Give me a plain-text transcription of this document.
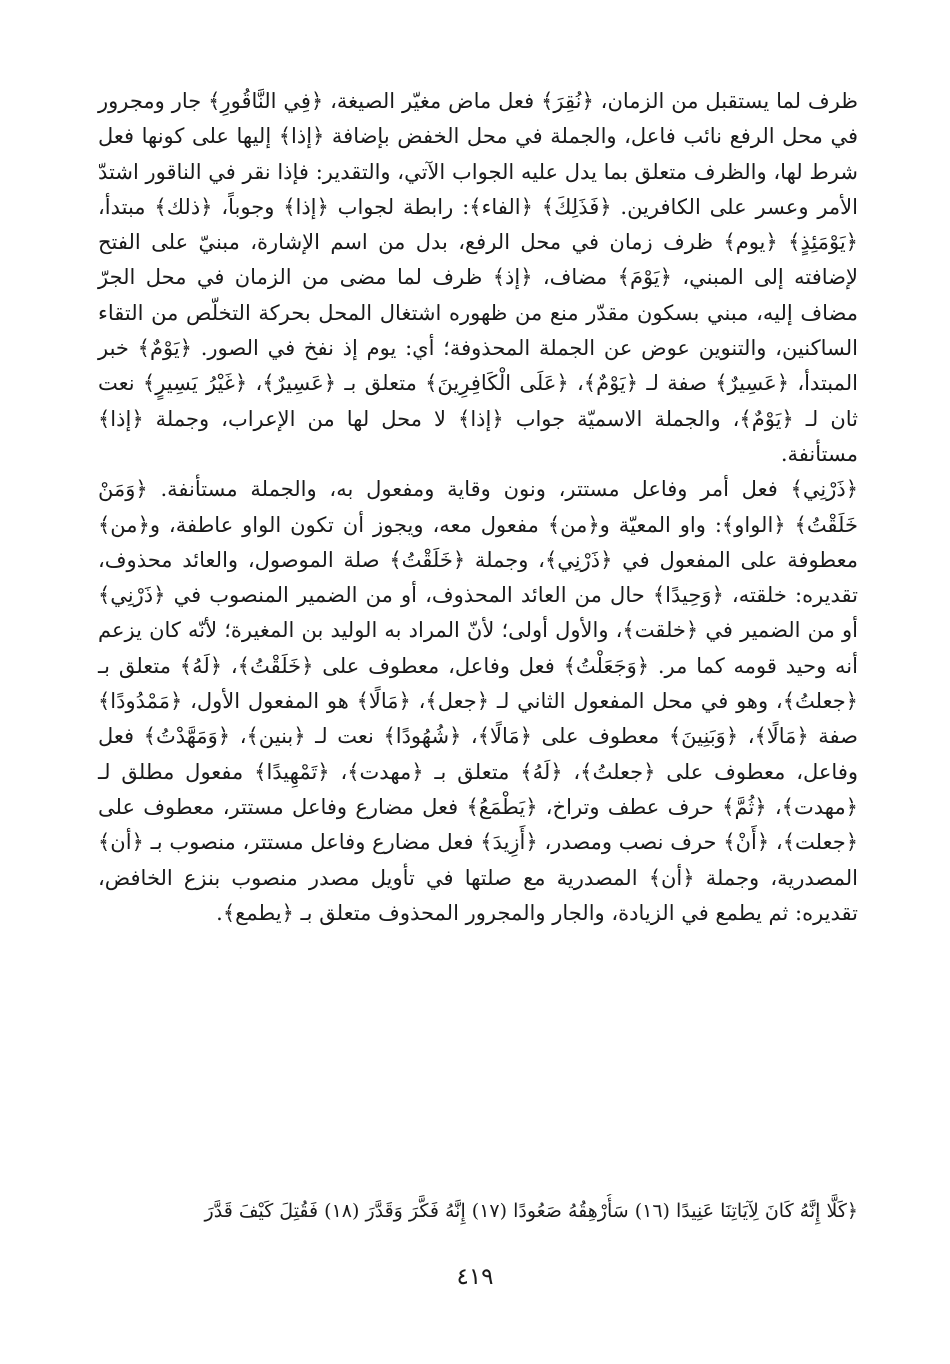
ظرف لما يستقبل من الزمان، ﴿نُقِرَ﴾ فعل ماض مغيّر الصيغة، ﴿فِي النَّاقُورِ﴾ جار ومجرور في محل الرفع نائب فاعل، والجملة في محل الخفض بإضافة ﴿إذا﴾ إليها على كونها فعل شرط لها، والظرف متعلق بما يدل عليه الجواب الآتي، والتقدير: فإذا نقر في الناقور اشتدّ الأمر وعسر على الكافرين. ﴿فَذَلِكَ﴾ ﴿الفاء﴾: رابطة لجواب ﴿إذا﴾ وجوباً، ﴿ذلك﴾ مبتدأ، ﴿يَوْمَئِذٍ﴾ ﴿يوم﴾ ظرف زمان في محل الرفع، بدل من اسم الإشارة، مبنيّ على الفتح لإضافته إلى المبني، ﴿يَوْمَ﴾ مضاف، ﴿إذ﴾ ظرف لما مضى من الزمان في محل الجرّ مضاف إليه، مبني بسكون مقدّر منع من ظهوره اشتغال المحل بحركة التخلّص من التقاء الساكنين، والتنوين عوض عن الجملة المحذوفة؛ أي: يوم إذ نفخ في الصور. ﴿يَوْمٌ﴾ خبر المبتدأ، ﴿عَسِيرٌ﴾ صفة لـ ﴿يَوْمٌ﴾، ﴿عَلَى الْكَافِرِينَ﴾ متعلق بـ ﴿عَسِيرٌ﴾، ﴿غَيْرُ يَسِيرٍ﴾ نعت ثان لـ ﴿يَوْمٌ﴾، والجملة الاسميّة جواب ﴿إذا﴾ لا محل لها من الإعراب، وجملة ﴿إذا﴾ مستأنفة.

﴿ذَرْنِي﴾ فعل أمر وفاعل مستتر، ونون وقاية ومفعول به، والجملة مستأنفة. ﴿وَمَنْ خَلَقْتُ﴾ ﴿الواو﴾: واو المعيّة و﴿من﴾ مفعول معه، ويجوز أن تكون الواو عاطفة، و﴿من﴾ معطوفة على المفعول في ﴿ذَرْنِي﴾، وجملة ﴿خَلَقْتُ﴾ صلة الموصول، والعائد محذوف، تقديره: خلقته، ﴿وَحِيدًا﴾ حال من العائد المحذوف، أو من الضمير المنصوب في ﴿ذَرْنِي﴾ أو من الضمير في ﴿خلقت﴾، والأول أولى؛ لأنّ المراد به الوليد بن المغيرة؛ لأنّه كان يزعم أنه وحيد قومه كما مر. ﴿وَجَعَلْتُ﴾ فعل وفاعل، معطوف على ﴿خَلَقْتُ﴾، ﴿لَهُ﴾ متعلق بـ ﴿جعلتُ﴾، وهو في محل المفعول الثاني لـ ﴿جعل﴾، ﴿مَالًا﴾ هو المفعول الأول، ﴿مَمْدُودًا﴾ صفة ﴿مَالًا﴾، ﴿وَبَنِينَ﴾ معطوف على ﴿مَالًا﴾، ﴿شُهُودًا﴾ نعت لـ ﴿بنين﴾، ﴿وَمَهَّدْتُ﴾ فعل وفاعل، معطوف على ﴿جعلتُ﴾، ﴿لَهُ﴾ متعلق بـ ﴿مهدت﴾، ﴿تَمْهِيدًا﴾ مفعول مطلق لـ ﴿مهدت﴾، ﴿ثُمَّ﴾ حرف عطف وتراخ، ﴿يَطْمَعُ﴾ فعل مضارع وفاعل مستتر، معطوف على ﴿جعلت﴾، ﴿أَنْ﴾ حرف نصب ومصدر، ﴿أَزِيدَ﴾ فعل مضارع وفاعل مستتر، منصوب بـ ﴿أن﴾ المصدرية، وجملة ﴿أن﴾ المصدرية مع صلتها في تأويل مصدر منصوب بنزع الخافض، تقديره: ثم يطمع في الزيادة، والجار والمجرور المحذوف متعلق بـ ﴿يطمع﴾.

﴿كَلَّا إِنَّهُ كَانَ لِآيَاتِنَا عَنِيدًا (١٦) سَأُرْهِقُهُ صَعُودًا (١٧) إِنَّهُ فَكَّرَ وَقَدَّرَ (١٨) فَقُتِلَ كَيْفَ قَدَّرَ
٤١٩
